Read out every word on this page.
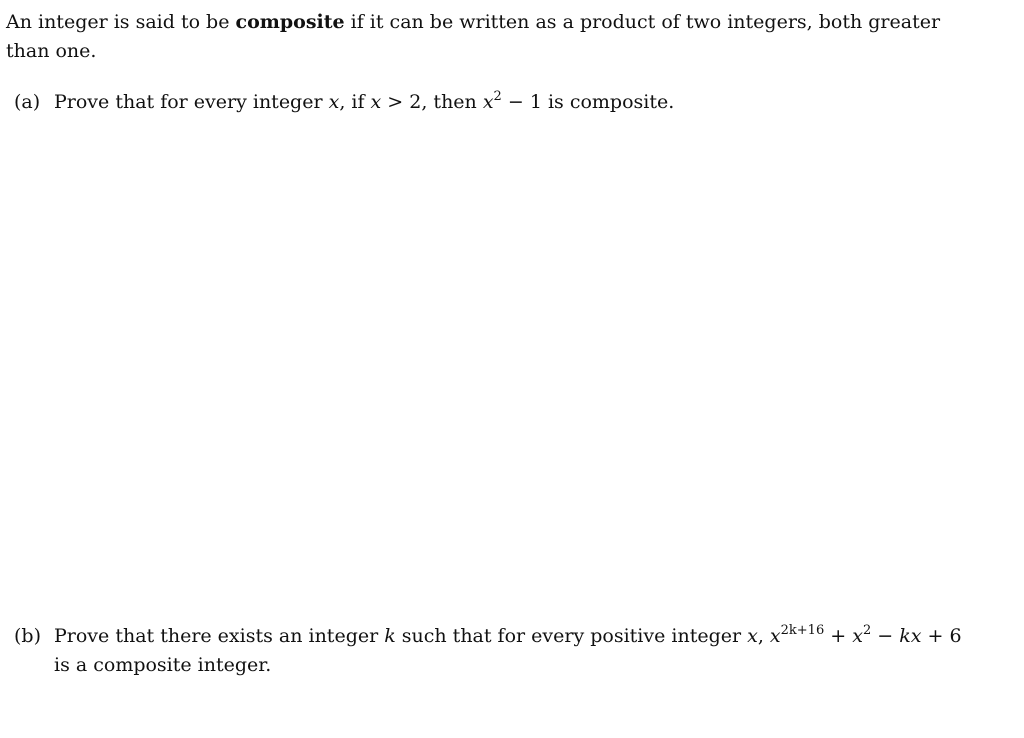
An integer is said to be composite if it can be written as a product of two integers, both greater
than one.

(a) Prove that for every integer x, if x > 2, then $x^2 - 1$ is composite.

(b) Prove that there exists an integer k such that for every positive integer x, $x^{2k+16} + x^2$ − kx + 6
is a composite integer.
